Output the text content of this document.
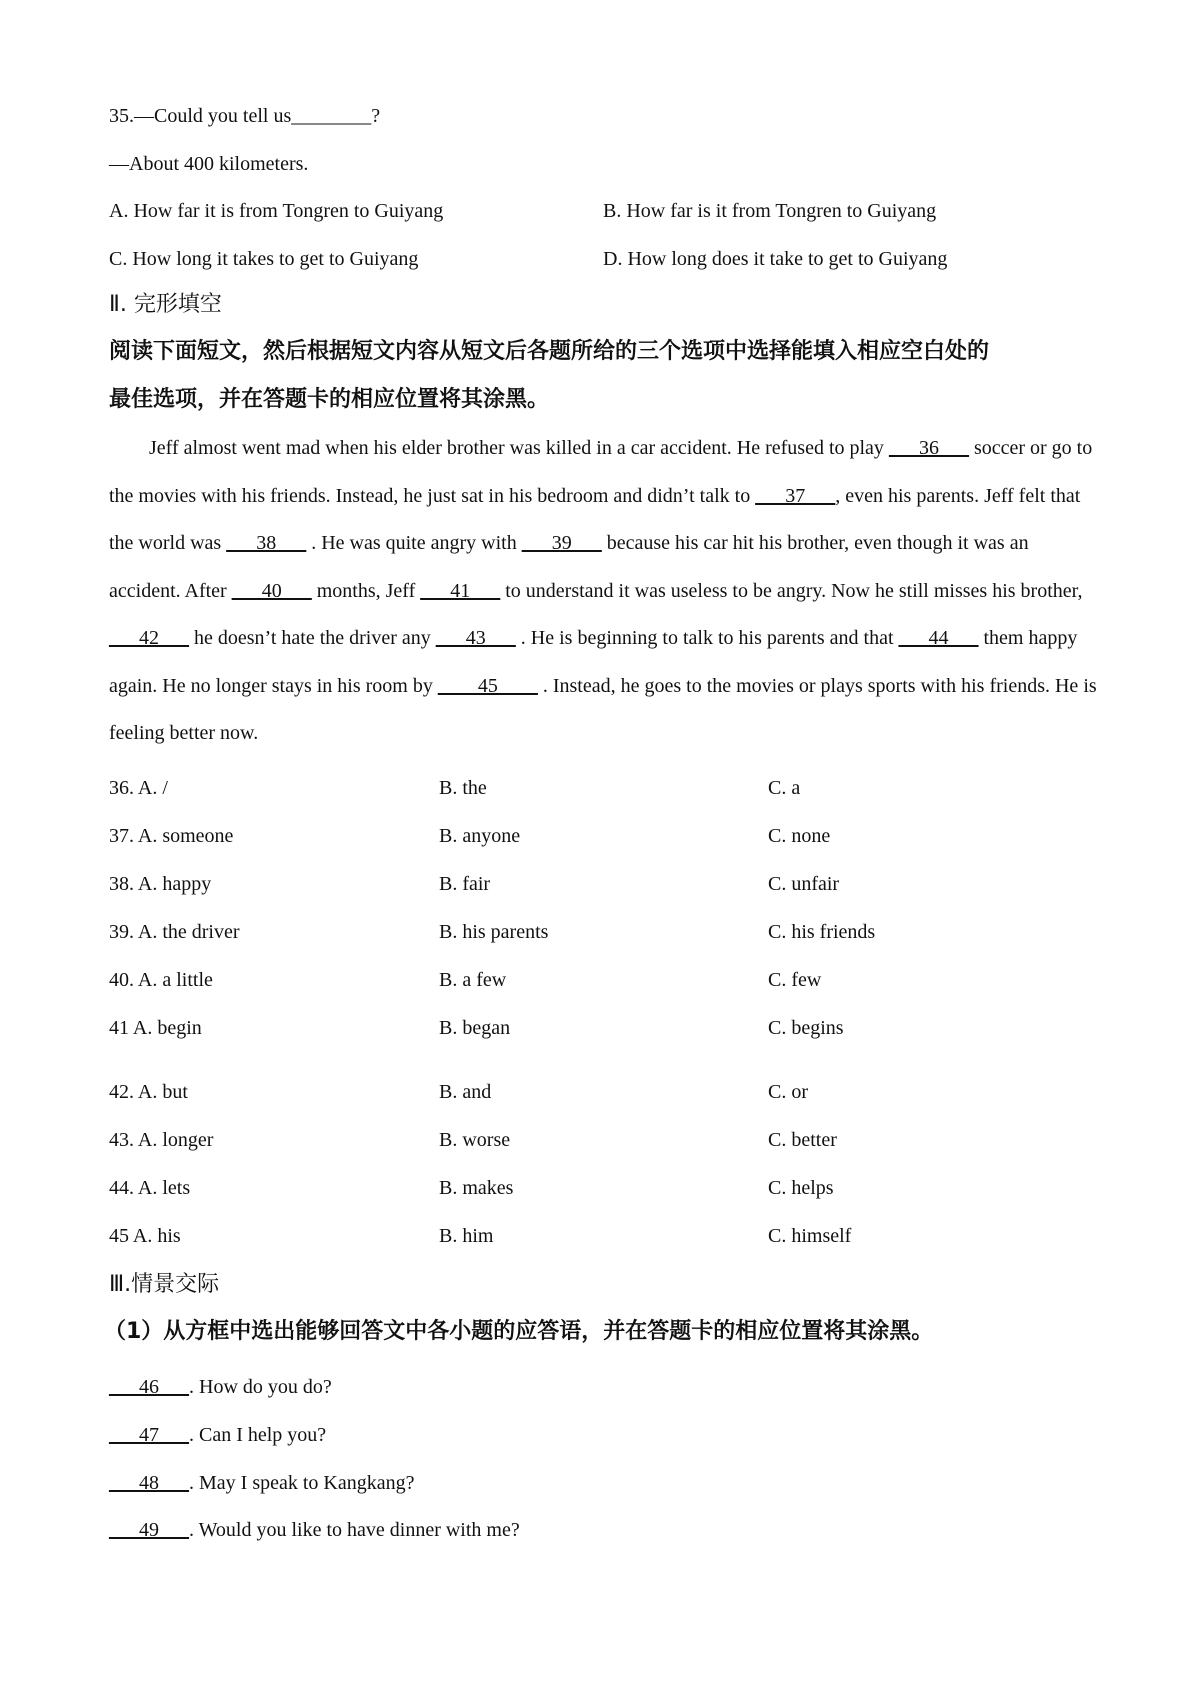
35.—Could you tell us________?
—About 400 kilometers.
A. How far it is from Tongren to Guiyang	B. How far is it from Tongren to Guiyang
C. How long it takes to get to Guiyang	D. How long does it take to get to Guiyang
Ⅱ. 完形填空
阅读下面短文，然后根据短文内容从短文后各题所给的三个选项中选择能填入相应空白处的
最佳选项，并在答题卡的相应位置将其涂黑。
Jeff almost went mad when his elder brother was killed in a car accident. He refused to play ___36___ soccer or go to the movies with his friends. Instead, he just sat in his bedroom and didn’t talk to ___37___, even his parents. Jeff felt that the world was ___38___ . He was quite angry with ___39___ because his car hit his brother, even though it was an accident. After ___40___ months, Jeff ___41___ to understand it was useless to be angry. Now he still misses his brother, ___42___ he doesn’t hate the driver any ___43___ . He is beginning to talk to his parents and that ___44___ them happy again. He no longer stays in his room by ____45____ . Instead, he goes to the movies or plays sports with his friends. He is feeling better now.
36. A. /	B. the	C. a
37. A. someone	B. anyone	C. none
38. A. happy	B. fair	C. unfair
39. A. the driver	B. his parents	C. his friends
40. A. a little	B. a few	C. few
41 A. begin	B. began	C. begins
42. A. but	B. and	C. or
43. A. longer	B. worse	C. better
44. A. lets	B. makes	C. helps
45 A. his	B. him	C. himself
Ⅲ.情景交际
（1）从方框中选出能够回答文中各小题的应答语，并在答题卡的相应位置将其涂黑。
___46___. How do you do?
___47___. Can I help you?
___48___. May I speak to Kangkang?
___49___. Would you like to have dinner with me?
